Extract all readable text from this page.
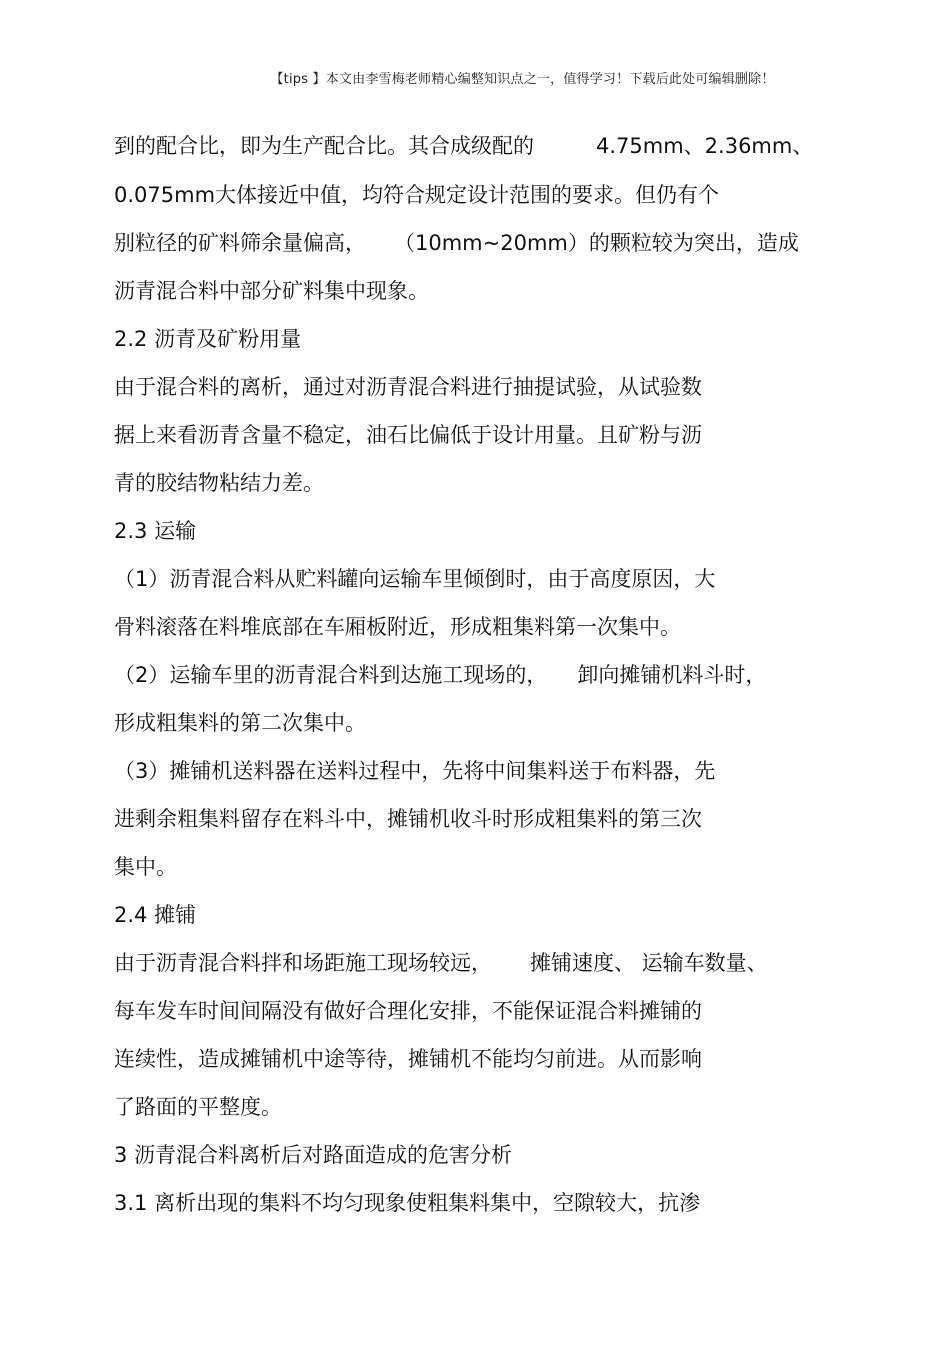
【tips 】本文由李雪梅老师精心编整知识点之一，值得学习！下载后此处可编辑删除！
到的配合比，即为生产配合比。其合成级配的	4.75mm、2.36mm、
0.075mm大体接近中值，均符合规定设计范围的要求。但仍有个
别粒径的矿料筛余量偏高， （10mm~20mm）的颗粒较为突出，造成
沥青混合料中部分矿料集中现象。
2.2 沥青及矿粉用量
由于混合料的离析，通过对沥青混合料进行抽提试验，从试验数
据上来看沥青含量不稳定，油石比偏低于设计用量。且矿粉与沥
青的胶结物粘结力差。
2.3 运输
（1）沥青混合料从贮料罐向运输车里倾倒时，由于高度原因，大
骨料滚落在料堆底部在车厢板附近，形成粗集料第一次集中。
（2）运输车里的沥青混合料到达施工现场的， 卸向摊铺机料斗时，
形成粗集料的第二次集中。
（3）摊铺机送料器在送料过程中，先将中间集料送于布料器，先
进剩余粗集料留存在料斗中，摊铺机收斗时形成粗集料的第三次
集中。
2.4 摊铺
由于沥青混合料拌和场距施工现场较远， 摊铺速度、 运输车数量、
每车发车时间间隔没有做好合理化安排，不能保证混合料摊铺的
连续性，造成摊铺机中途等待，摊铺机不能均匀前进。从而影响
了路面的平整度。
3 沥青混合料离析后对路面造成的危害分析
3.1 离析出现的集料不均匀现象使粗集料集中，空隙较大，抗渗
